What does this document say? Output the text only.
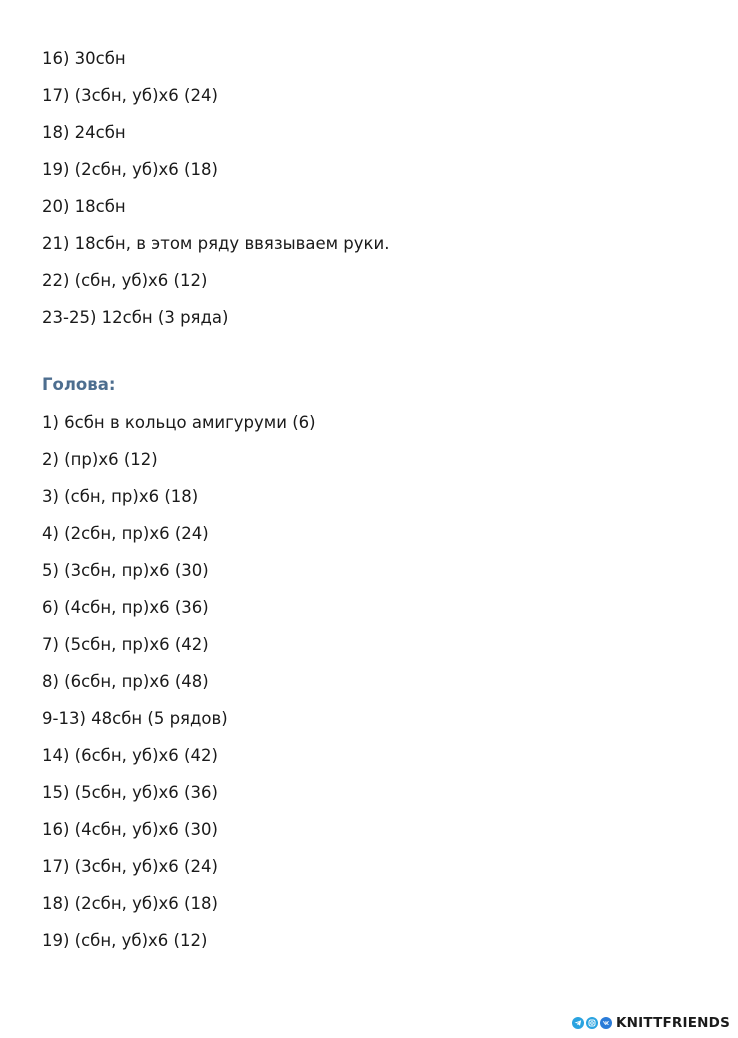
16) 30сбн
17) (3сбн, уб)х6 (24)
18) 24сбн
19) (2сбн, уб)х6 (18)
20) 18сбн
21) 18сбн, в этом ряду ввязываем руки.
22) (сбн, уб)х6 (12)
23-25) 12сбн (3 ряда)
Голова:
1) 6сбн в кольцо амигуруми (6)
2) (пр)х6 (12)
3) (сбн, пр)х6 (18)
4) (2сбн, пр)х6 (24)
5) (3сбн, пр)х6 (30)
6) (4сбн, пр)х6 (36)
7) (5сбн, пр)х6 (42)
8) (6сбн, пр)х6 (48)
9-13) 48сбн (5 рядов)
14) (6сбн, уб)х6 (42)
15) (5сбн, уб)х6 (36)
16) (4сбн, уб)х6 (30)
17) (3сбн, уб)х6 (24)
18) (2сбн, уб)х6 (18)
19) (сбн, уб)х6 (12)
KNITTFRIENDS
